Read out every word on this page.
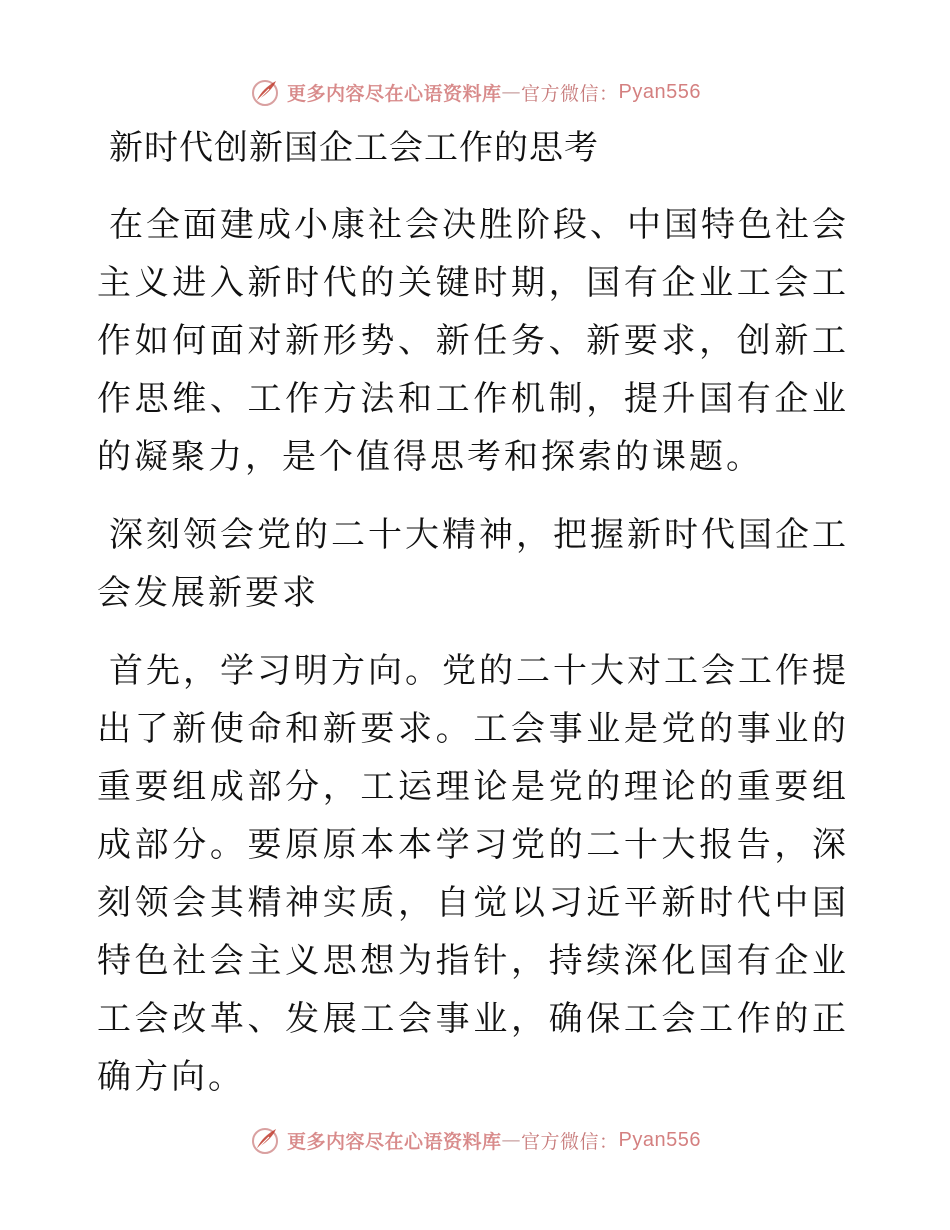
更多内容尽在心语资料库 — 官方微信： Pyan556
新时代创新国企工会工作的思考

在全面建成小康社会决胜阶段、中国特色社会主义进入新时代的关键时期，国有企业工会工作如何面对新形势、新任务、新要求，创新工作思维、工作方法和工作机制，提升国有企业的凝聚力，是个值得思考和探索的课题。

深刻领会党的二十大精神，把握新时代国企工会发展新要求

首先，学习明方向。党的二十大对工会工作提出了新使命和新要求。工会事业是党的事业的重要组成部分，工运理论是党的理论的重要组成部分。要原原本本学习党的二十大报告，深刻领会其精神实质，自觉以习近平新时代中国特色社会主义思想为指针，持续深化国有企业工会改革、发展工会事业，确保工会工作的正确方向。

更多内容尽在心语资料库 — 官方微信： Pyan556
